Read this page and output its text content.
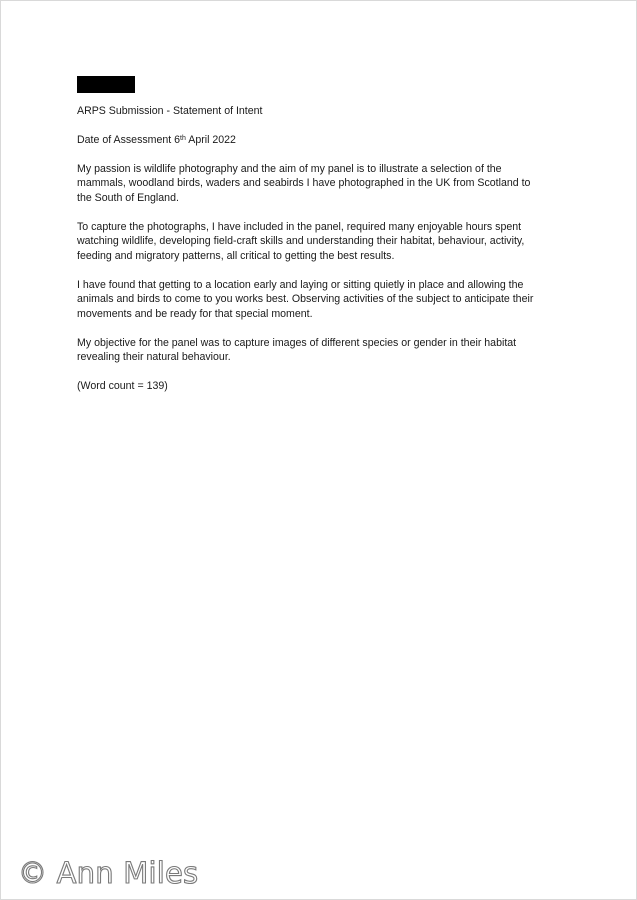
ARPS Submission - Statement of Intent

Date of Assessment 6th April 2022

My passion is wildlife photography and the aim of my panel is to illustrate a selection of the mammals, woodland birds, waders and seabirds I have photographed in the UK from Scotland to the South of England.

To capture the photographs, I have included in the panel, required many enjoyable hours spent watching wildlife, developing field-craft skills and understanding their habitat, behaviour, activity, feeding and migratory patterns, all critical to getting the best results.

I have found that getting to a location early and laying or sitting quietly in place and allowing the animals and birds to come to you works best. Observing activities of the subject to anticipate their movements and be ready for that special moment.

My objective for the panel was to capture images of different species or gender in their habitat revealing their natural behaviour.

(Word count = 139)

© Ann Miles
